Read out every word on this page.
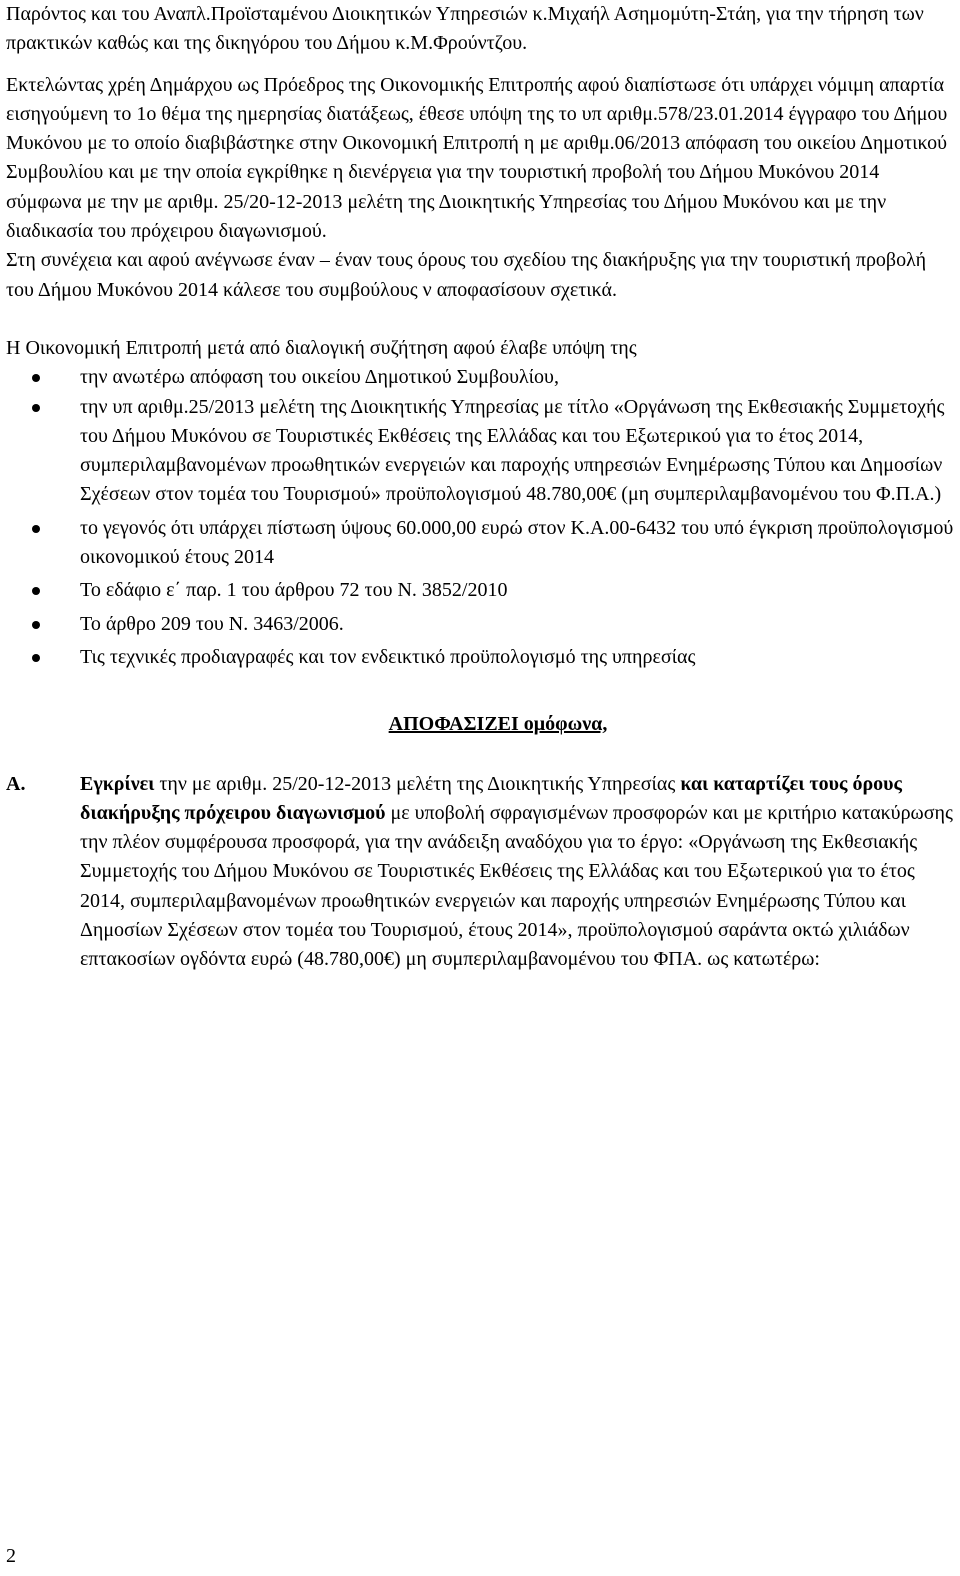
Παρόντος και του Αναπλ.Προϊσταμένου Διοικητικών Υπηρεσιών κ.Μιχαήλ Ασημομύτη-Στάη, για την τήρηση των πρακτικών καθώς και της δικηγόρου του Δήμου κ.Μ.Φρούντζου.

Εκτελώντας χρέη Δημάρχου ως Πρόεδρος της Οικονομικής Επιτροπής αφού διαπίστωσε ότι υπάρχει νόμιμη απαρτία εισηγούμενη το 1ο θέμα της ημερησίας διατάξεως, έθεσε υπόψη της το υπ αριθμ.578/23.01.2014 έγγραφο του Δήμου Μυκόνου με το οποίο διαβιβάστηκε στην Οικονομική Επιτροπή η με αριθμ.06/2013 απόφαση του οικείου Δημοτικού Συμβουλίου και με την οποία εγκρίθηκε η διενέργεια για την τουριστική προβολή του Δήμου Μυκόνου 2014 σύμφωνα με την με αριθμ. 25/20-12-2013 μελέτη της Διοικητικής Υπηρεσίας του Δήμου Μυκόνου και με την διαδικασία του πρόχειρου διαγωνισμού.

Στη συνέχεια και αφού ανέγνωσε έναν – έναν τους όρους του σχεδίου της διακήρυξης για την τουριστική προβολή του Δήμου Μυκόνου 2014 κάλεσε του συμβούλους ν αποφασίσουν σχετικά.

Η Οικονομική Επιτροπή μετά από διαλογική συζήτηση αφού έλαβε υπόψη της

την ανωτέρω απόφαση του οικείου Δημοτικού Συμβουλίου,
την υπ αριθμ.25/2013 μελέτη της Διοικητικής Υπηρεσίας με τίτλο «Οργάνωση της Εκθεσιακής Συμμετοχής του Δήμου Μυκόνου σε Τουριστικές Εκθέσεις της Ελλάδας και του Εξωτερικού για το έτος 2014, συμπεριλαμβανομένων προωθητικών ενεργειών και παροχής υπηρεσιών Ενημέρωσης Τύπου και Δημοσίων Σχέσεων στον τομέα του Τουρισμού» προϋπολογισμού 48.780,00€ (μη συμπεριλαμβανομένου του Φ.Π.Α.)
το γεγονός ότι υπάρχει πίστωση ύψους 60.000,00 ευρώ στον Κ.Α.00-6432 του υπό έγκριση προϋπολογισμού οικονομικού έτους 2014
Το εδάφιο ε΄ παρ. 1 του άρθρου 72 του Ν. 3852/2010
Το άρθρο 209 του Ν. 3463/2006.
Τις τεχνικές προδιαγραφές και τον ενδεικτικό προϋπολογισμό της υπηρεσίας

ΑΠΟΦΑΣΙΖΕΙ ομόφωνα,

Α.	Εγκρίνει την με αριθμ. 25/20-12-2013 μελέτη της Διοικητικής Υπηρεσίας και καταρτίζει τους όρους διακήρυξης πρόχειρου διαγωνισμού με υποβολή σφραγισμένων προσφορών και με κριτήριο κατακύρωσης την πλέον συμφέρουσα προσφορά, για την ανάδειξη αναδόχου για το έργο: «Οργάνωση της Εκθεσιακής Συμμετοχής του Δήμου Μυκόνου σε Τουριστικές Εκθέσεις της Ελλάδας και του Εξωτερικού για το έτος 2014, συμπεριλαμβανομένων προωθητικών ενεργειών και παροχής υπηρεσιών Ενημέρωσης Τύπου και Δημοσίων Σχέσεων στον τομέα του Τουρισμού, έτους 2014», προϋπολογισμού σαράντα οκτώ χιλιάδων επτακοσίων ογδόντα ευρώ (48.780,00€) μη συμπεριλαμβανομένου του ΦΠΑ. ως κατωτέρω:
2
